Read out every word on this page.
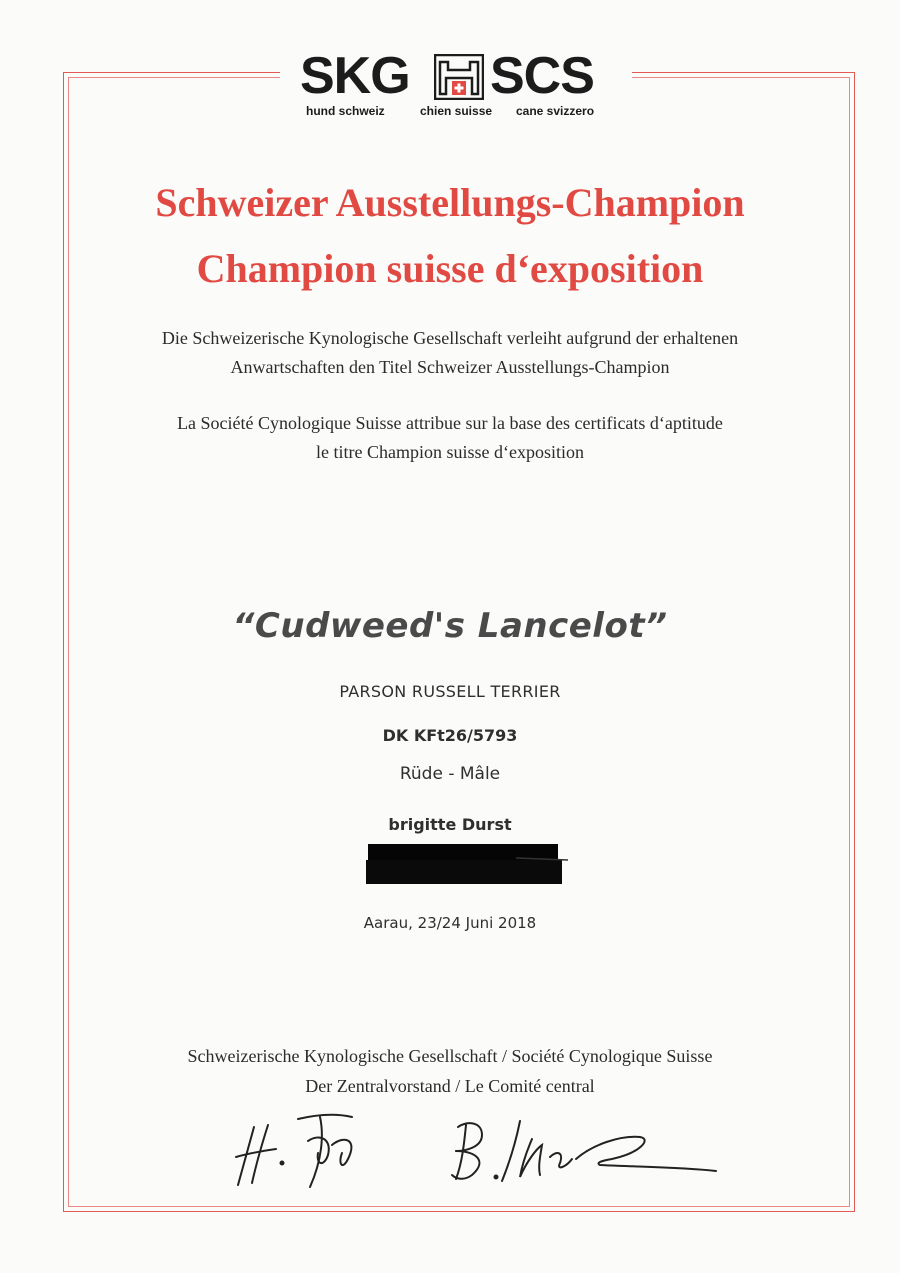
SKG SCS
hund schweiz	chien suisse cane svizzero
Schweizer Ausstellungs-Champion
Champion suisse d‘exposition
Die Schweizerische Kynologische Gesellschaft verleiht aufgrund der erhaltenen
Anwartschaften den Titel Schweizer Ausstellungs-Champion
La Société Cynologique Suisse attribue sur la base des certificats d‘aptitude
le titre Champion suisse d‘exposition
“Cudweed's Lancelot”
PARSON RUSSELL TERRIER
DK KFt26/5793
Rüde - Mâle
brigitte Durst
Aarau, 23/24 Juni 2018
Schweizerische Kynologische Gesellschaft / Société Cynologique Suisse
Der Zentralvorstand / Le Comité central
